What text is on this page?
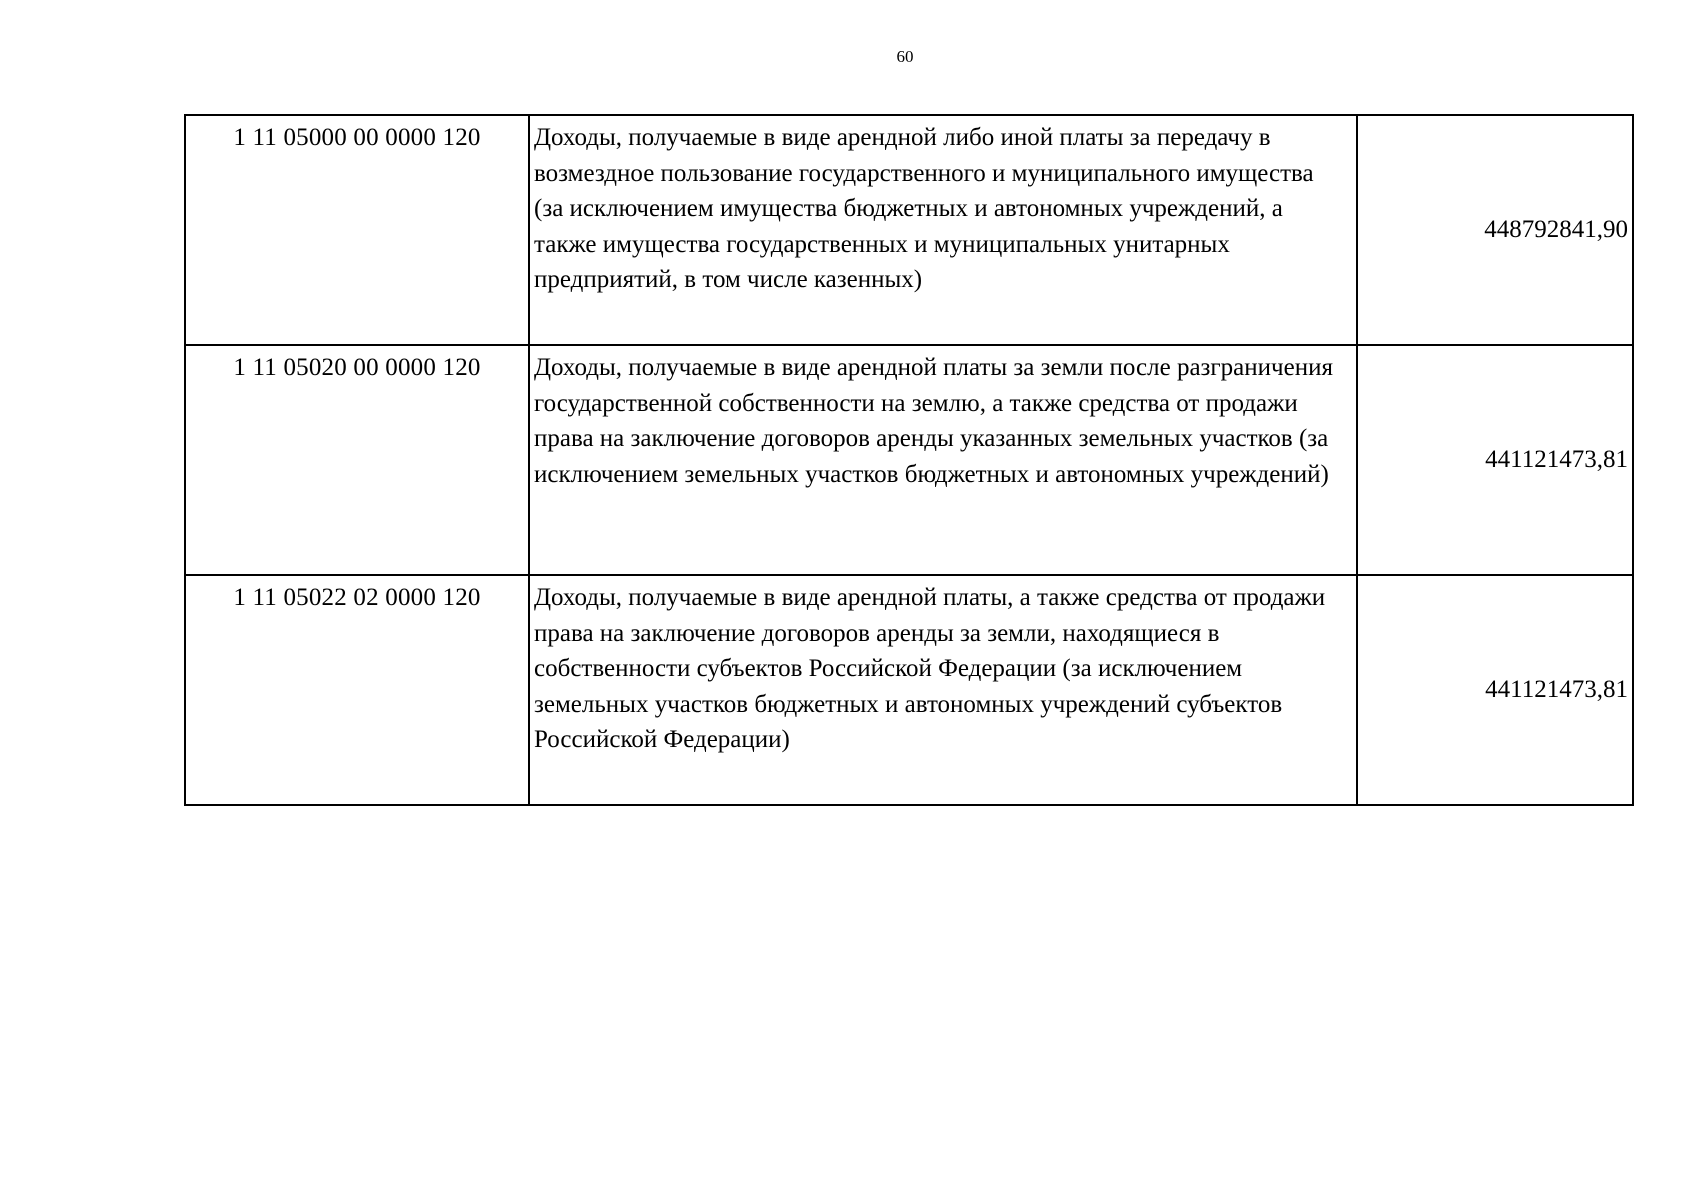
60
1 11 05000 00 0000 120	Доходы, получаемые в виде арендной либо иной платы за передачу в возмездное пользование государственного и муниципального имущества (за исключением имущества бюджетных и автономных учреждений, а также имущества государственных и муниципальных унитарных предприятий, в том числе казенных)	448792841,90
1 11 05020 00 0000 120	Доходы, получаемые в виде арендной платы за земли после разграничения государственной собственности на землю, а также средства от продажи права на заключение договоров аренды указанных земельных участков (за исключением земельных участков бюджетных и автономных учреждений)	441121473,81
1 11 05022 02 0000 120	Доходы, получаемые в виде арендной платы, а также средства от продажи права на заключение договоров аренды за земли, находящиеся в собственности субъектов Российской Федерации (за исключением земельных участков бюджетных и автономных учреждений субъектов Российской Федерации)	441121473,81
